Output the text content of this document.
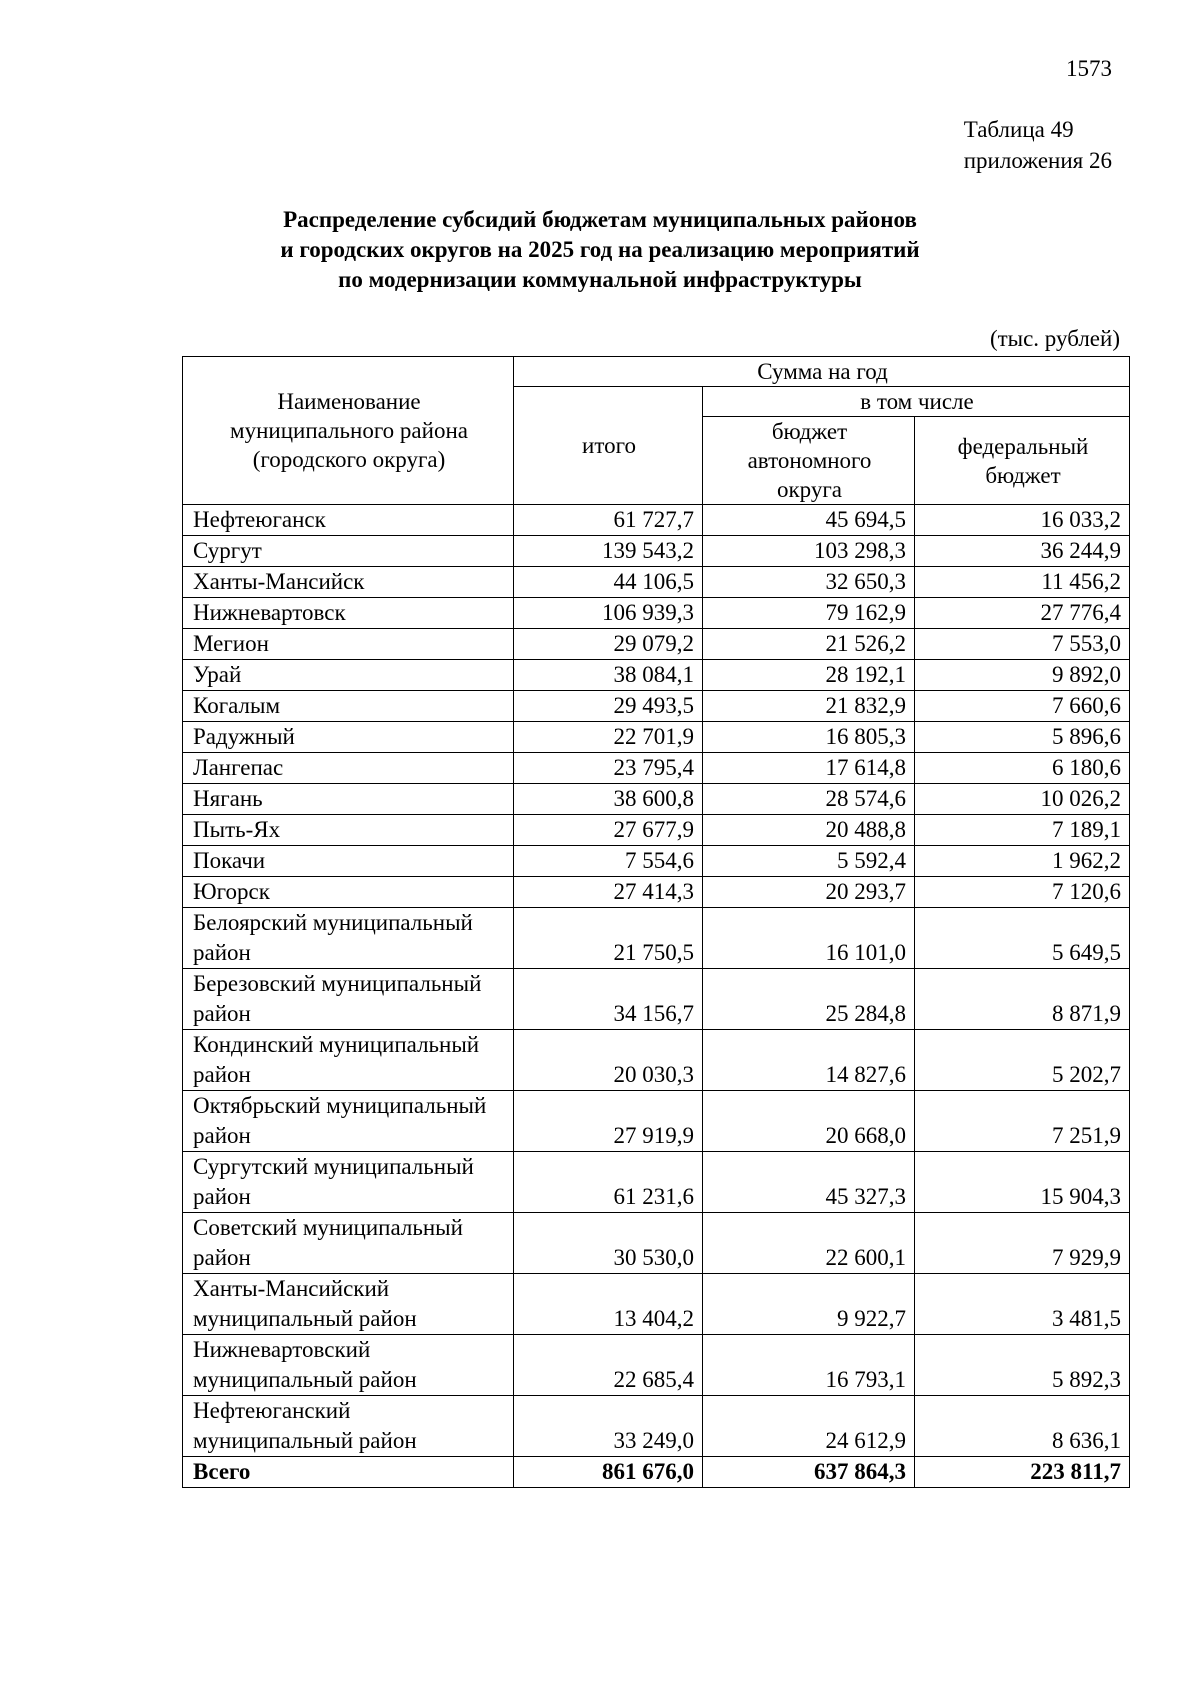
1573
Таблица 49
приложения 26
Распределение субсидий бюджетам муниципальных районов
и городских округов на 2025 год на реализацию мероприятий
по модернизации коммунальной инфраструктуры
(тыс. рублей)
Наименование муниципального района (городского округа)	Сумма на год		
	итого	в том числе	
		бюджет автономного округа	федеральный бюджет
Нефтеюганск	61 727,7	45 694,5	16 033,2
Сургут	139 543,2	103 298,3	36 244,9
Ханты-Мансийск	44 106,5	32 650,3	11 456,2
Нижневартовск	106 939,3	79 162,9	27 776,4
Мегион	29 079,2	21 526,2	7 553,0
Урай	38 084,1	28 192,1	9 892,0
Когалым	29 493,5	21 832,9	7 660,6
Радужный	22 701,9	16 805,3	5 896,6
Лангепас	23 795,4	17 614,8	6 180,6
Нягань	38 600,8	28 574,6	10 026,2
Пыть-Ях	27 677,9	20 488,8	7 189,1
Покачи	7 554,6	5 592,4	1 962,2
Югорск	27 414,3	20 293,7	7 120,6
Белоярский муниципальный район	21 750,5	16 101,0	5 649,5
Березовский муниципальный район	34 156,7	25 284,8	8 871,9
Кондинский муниципальный район	20 030,3	14 827,6	5 202,7
Октябрьский муниципальный район	27 919,9	20 668,0	7 251,9
Сургутский муниципальный район	61 231,6	45 327,3	15 904,3
Советский муниципальный район	30 530,0	22 600,1	7 929,9
Ханты-Мансийский муниципальный район	13 404,2	9 922,7	3 481,5
Нижневартовский муниципальный район	22 685,4	16 793,1	5 892,3
Нефтеюганский муниципальный район	33 249,0	24 612,9	8 636,1
Всего	861 676,0	637 864,3	223 811,7
